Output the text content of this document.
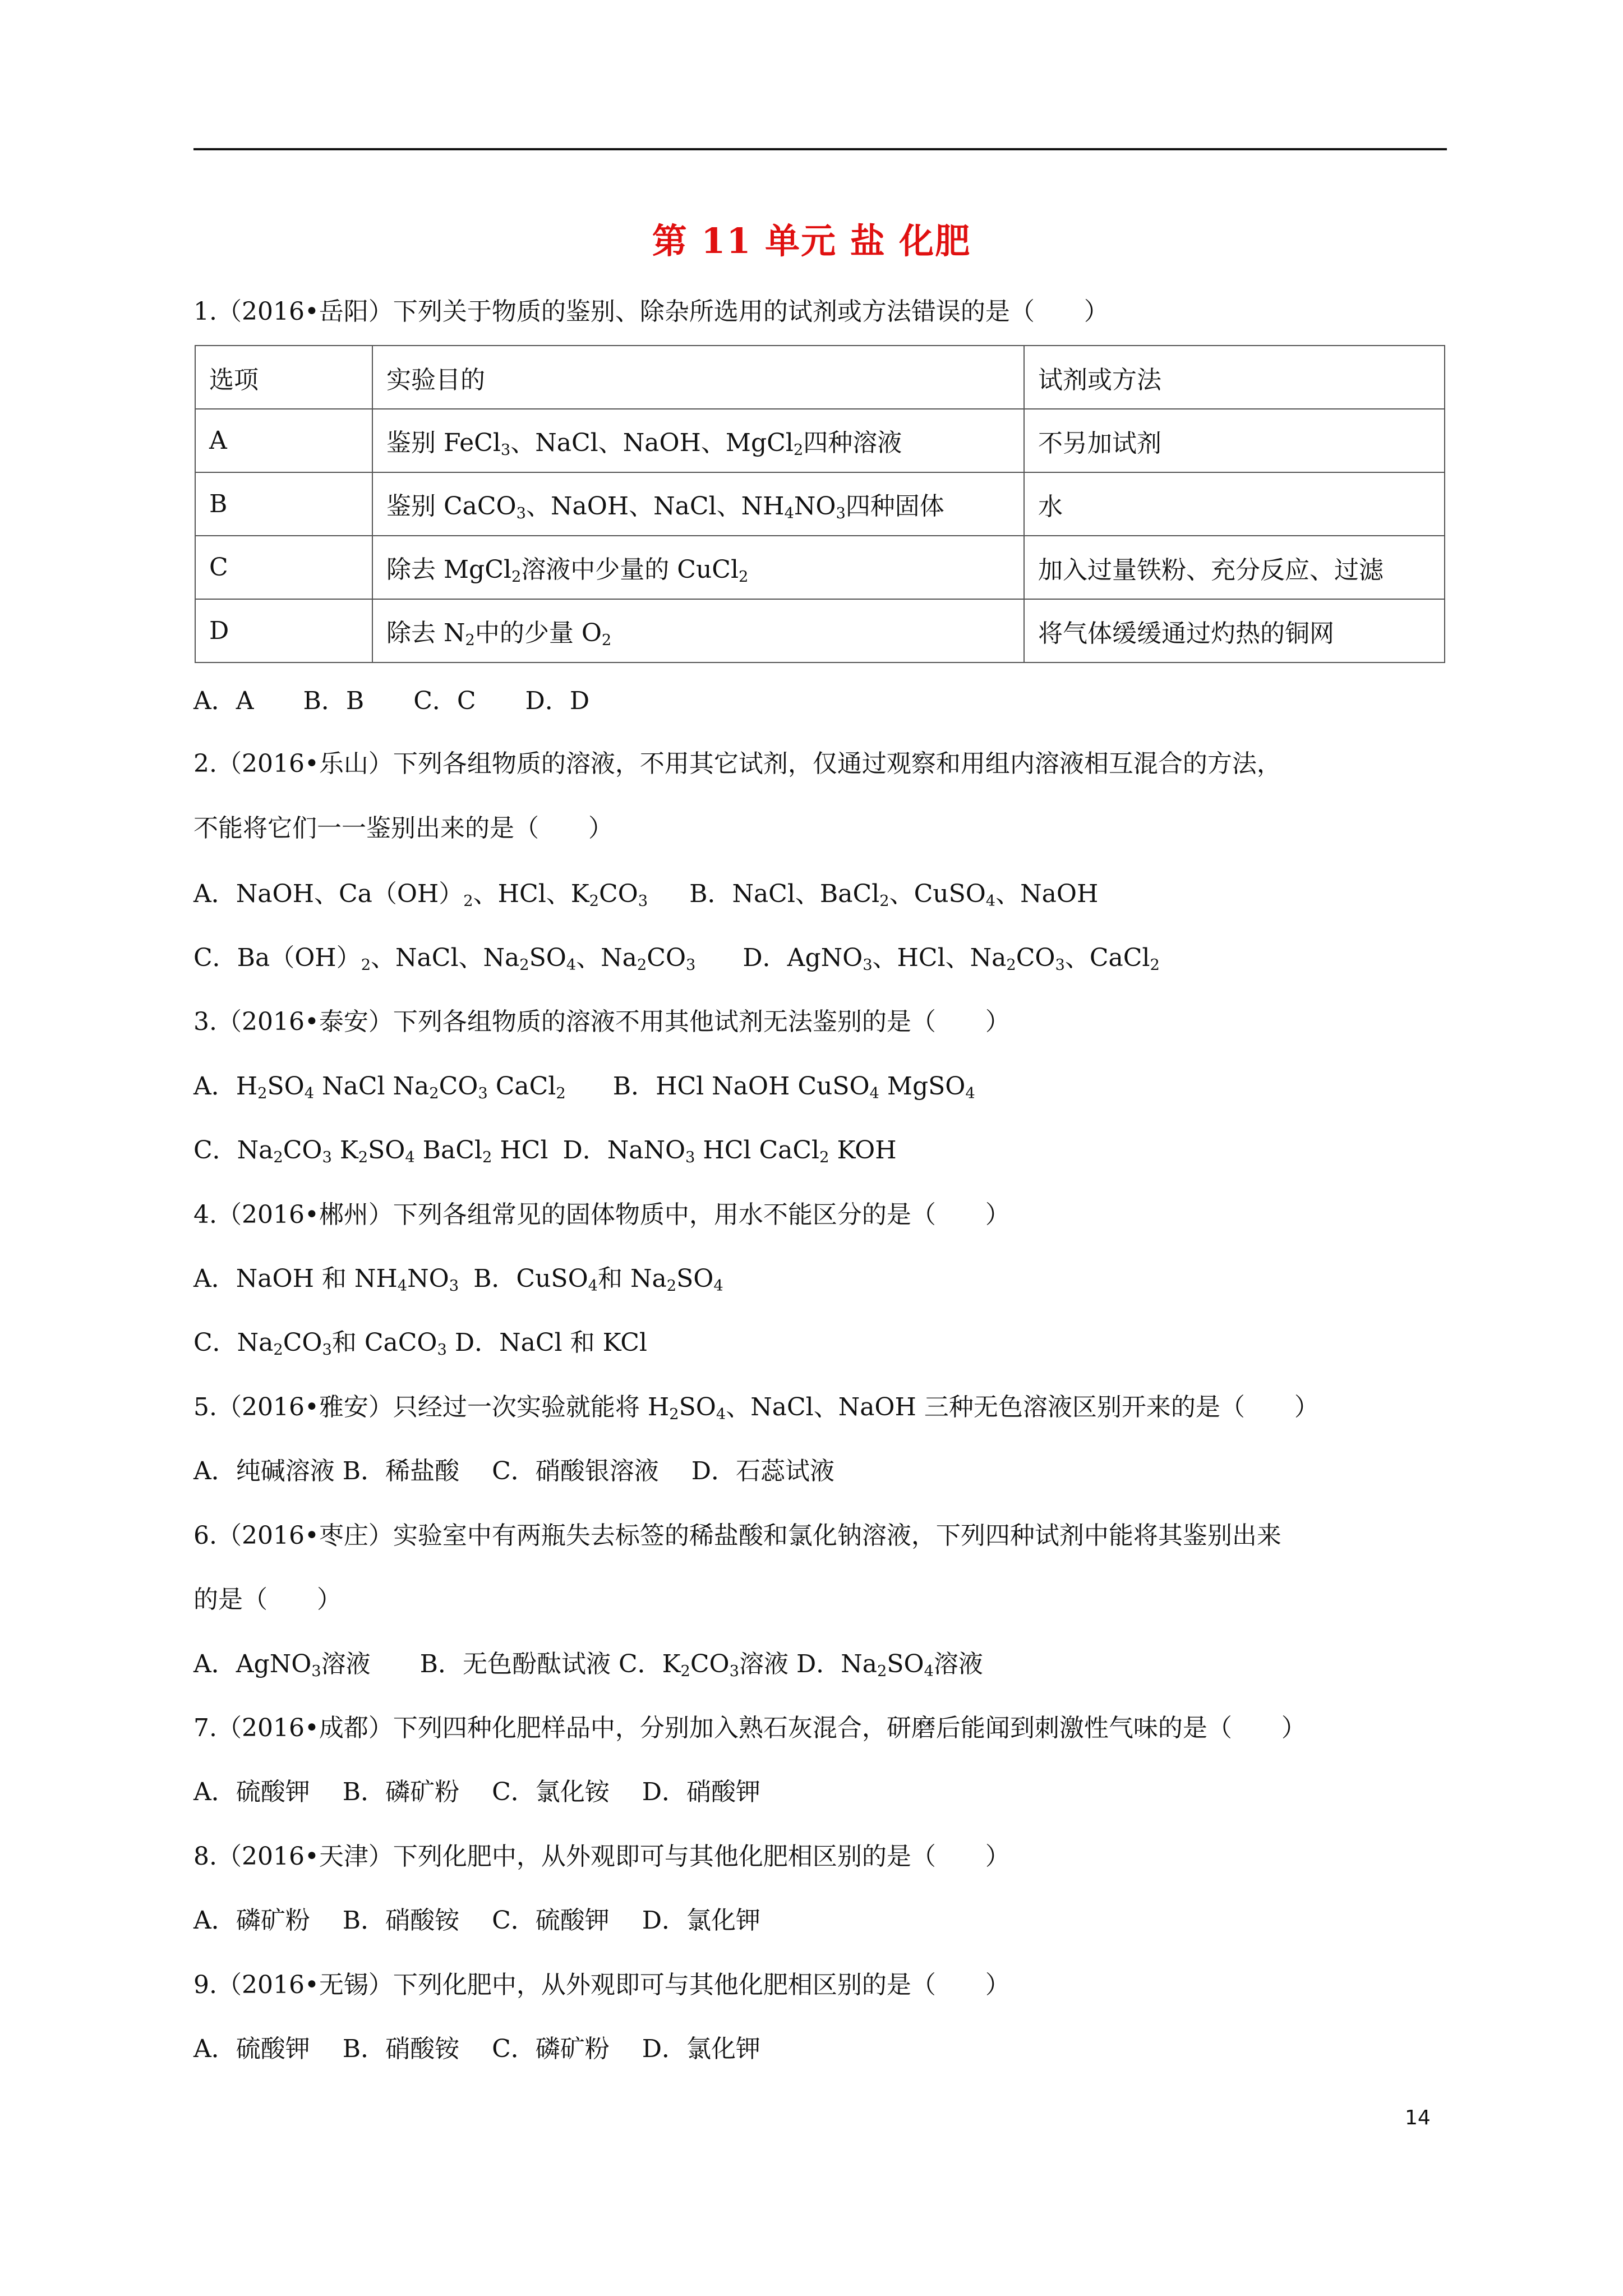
第 11 单元 盐 化肥
1.（2016•岳阳）下列关于物质的鉴别、除杂所选用的试剂或方法错误的是（　　）
选项	实验目的	试剂或方法
A	鉴别 FeCl$_3$、NaCl、NaOH、MgCl$_2$四种溶液	不另加试剂
B	鉴别 CaCO$_3$、NaOH、NaCl、$NH_4NO_3$四种固体	水
C	除去 MgCl$_2$溶液中少量的 CuCl$_2$	加入过量铁粉、充分反应、过滤
D	除去 $N_2$中的少量 $O_2$	将气体缓缓通过灼热的铜网
A．A　　B．B　　C．C　　D．D
2.（2016•乐山）下列各组物质的溶液，不用其它试剂，仅通过观察和用组内溶液相互混合的方法，
不能将它们一一鉴别出来的是（　　）
A．NaOH、$Ca(OH)_2$、HCl、$K_2CO_3$ B．NaCl、BaCl$_2$、CuSO$_4$、NaOH
C．$Ba(OH)_2$、NaCl、$Na_2SO_4$、$Na_2CO_3$ D．AgNO$_3$、HCl、$Na_2CO_3$、CaCl$_2$
3.（2016•泰安）下列各组物质的溶液不用其他试剂无法鉴别的是（　　）
A．$H_2SO_4$ NaCl $Na_2CO_3$ CaCl$_2$ B．HCl NaOH CuSO$_4$ MgSO$_4$
C．$Na_2CO_3$ $K_2SO_4$ BaCl$_2$ HCl D．NaNO$_3$ HCl CaCl$_2$ KOH
4.（2016•郴州）下列各组常见的固体物质中，用水不能区分的是（　　）
A．NaOH 和 $NH_4NO_3$ B．CuSO$_4$和 $Na_2SO_4$
C．$Na_2CO_3$和 CaCO$_3$ D．NaCl 和 KCl
5.（2016•雅安）只经过一次实验就能将 $H_2SO_4$、NaCl、NaOH 三种无色溶液区别开来的是（　　）
A．纯碱溶液 B．稀盐酸　 C．硝酸银溶液　 D．石蕊试液
6.（2016•枣庄）实验室中有两瓶失去标签的稀盐酸和氯化钠溶液，下列四种试剂中能将其鉴别出来
的是（　　）
A．AgNO$_3$溶液　　B．无色酚酞试液 C．$K_2CO_3$溶液 D．$Na_2SO_4$溶液
7.（2016•成都）下列四种化肥样品中，分别加入熟石灰混合，研磨后能闻到刺激性气味的是（　　）
A．硫酸钾　 B．磷矿粉　 C．氯化铵　 D．硝酸钾
8.（2016•天津）下列化肥中，从外观即可与其他化肥相区别的是（　　）
A．磷矿粉　 B．硝酸铵　 C．硫酸钾　 D．氯化钾
9.（2016•无锡）下列化肥中，从外观即可与其他化肥相区别的是（　　）
A．硫酸钾　 B．硝酸铵　 C．磷矿粉　 D．氯化钾
14
